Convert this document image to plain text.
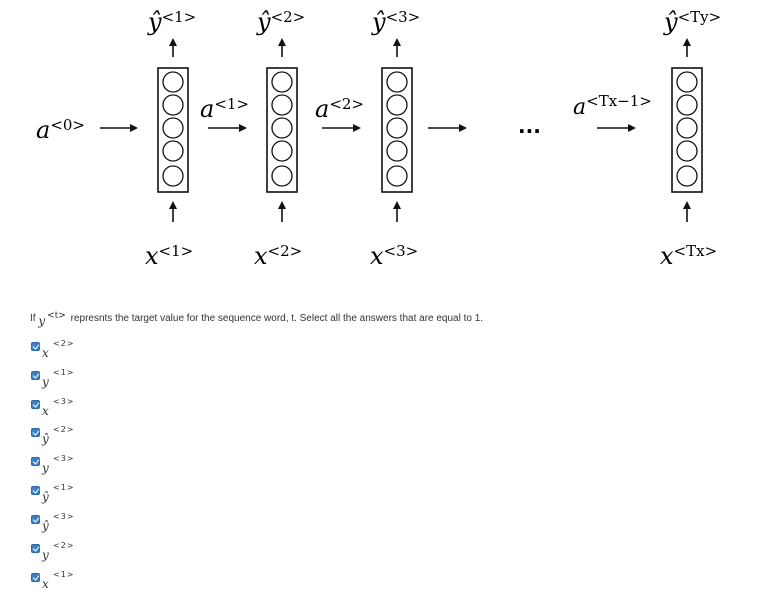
$ŷ^{<1>}$	$ŷ^{<2>}$	$ŷ^{<3>}$	$ŷ^{<Ty>}$
$x^{<1>}$	$x^{<2>}$	$x^{<3>}$	$x^{<Tx>}$
$a^{<0>}$
$a^{<1>}$	$a^{<2>}$	$a^{<Tx-1>}$
...
If y <t> represnts the target value for the sequence word, t. Select all the answers that are equal to 1.
x
<2>
y
<1>
x
<3>
ŷ
<2>
y
<3>
ŷ
<1>
ŷ
<3>
y
<2>
x
<1>
